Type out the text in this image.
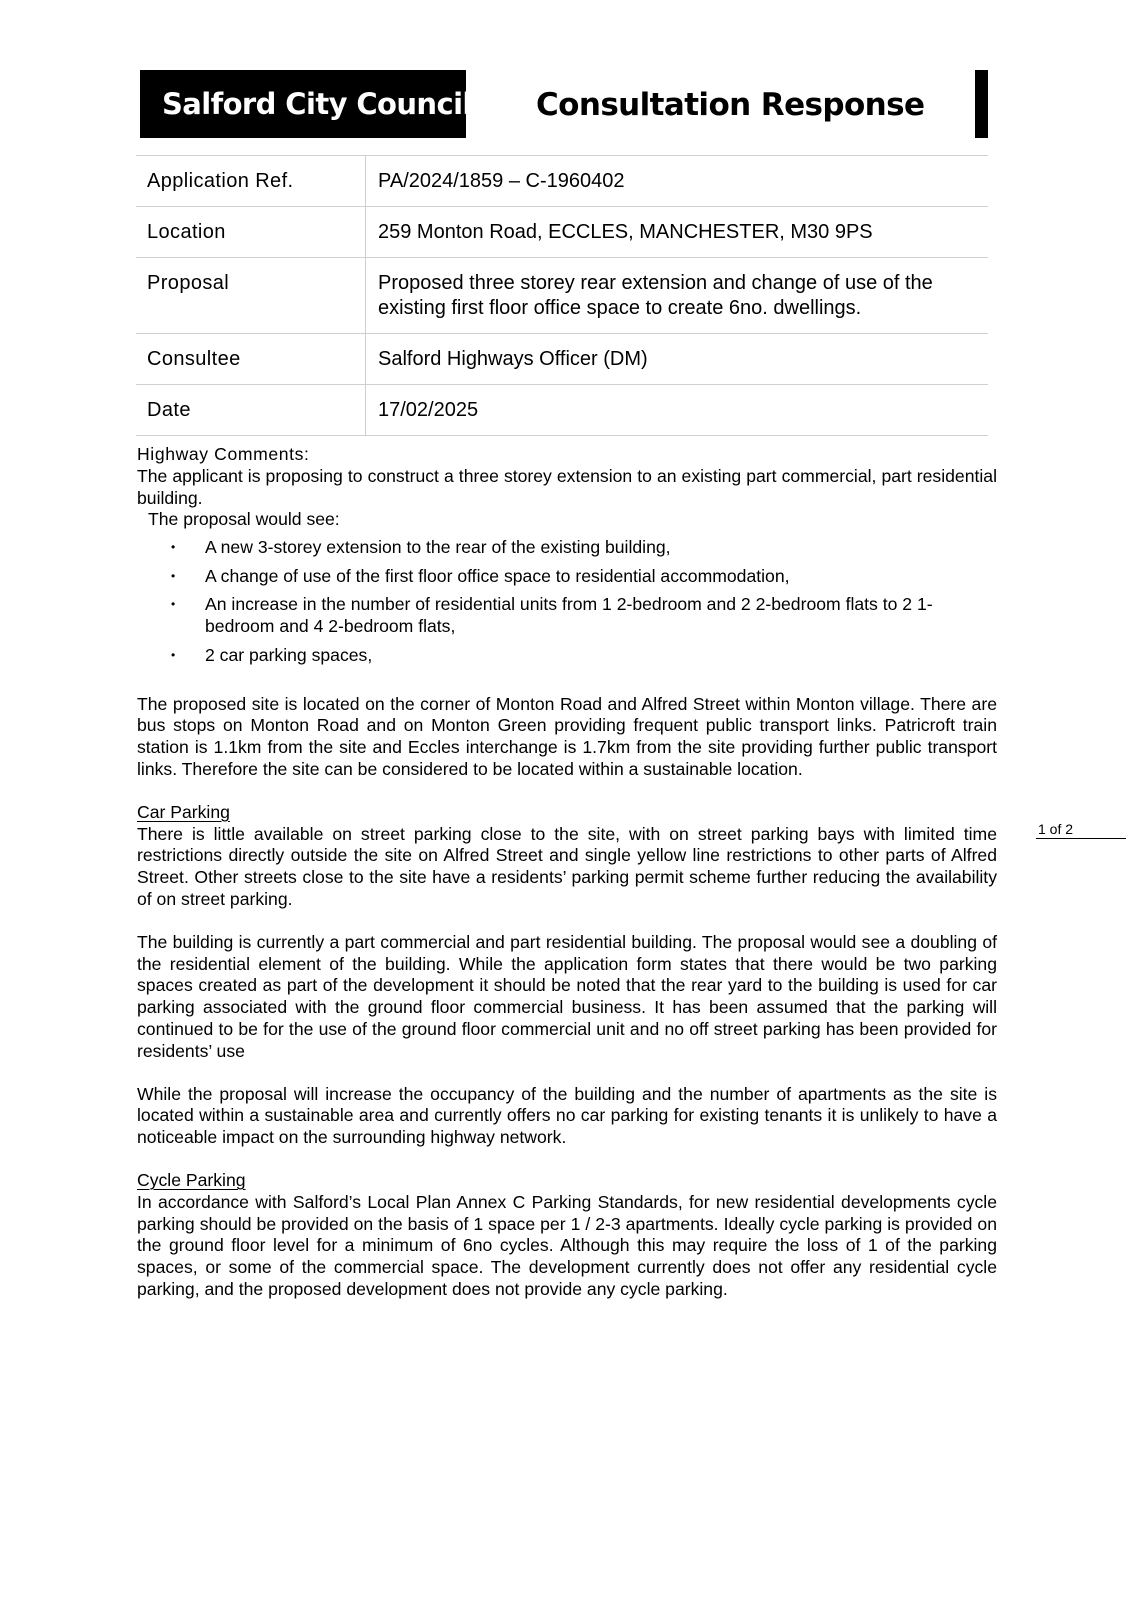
Salford City Council Consultation Response
Application Ref.	PA/2024/1859 – C-1960402
Location	259 Monton Road, ECCLES, MANCHESTER, M30 9PS
Proposal	Proposed three storey rear extension and change of use of the existing first floor office space to create 6no. dwellings.
Consultee	Salford Highways Officer (DM)
Date	17/02/2025

Highway Comments:

The applicant is proposing to construct a three storey extension to an existing part commercial, part residential building.

The proposal would see:

• A new 3-storey extension to the rear of the existing building,
• A change of use of the first floor office space to residential accommodation,
• An increase in the number of residential units from 1 2-bedroom and 2 2-bedroom flats to 2 1-bedroom and 4 2-bedroom flats,
• 2 car parking spaces,

The proposed site is located on the corner of Monton Road and Alfred Street within Monton village. There are bus stops on Monton Road and on Monton Green providing frequent public transport links. Patricroft train station is 1.1km from the site and Eccles interchange is 1.7km from the site providing further public transport links. Therefore the site can be considered to be located within a sustainable location.

Car Parking

There is little available on street parking close to the site, with on street parking bays with limited time restrictions directly outside the site on Alfred Street and single yellow line restrictions to other parts of Alfred Street. Other streets close to the site have a residents’ parking permit scheme further reducing the availability of on street parking.

The building is currently a part commercial and part residential building. The proposal would see a doubling of the residential element of the building. While the application form states that there would be two parking spaces created as part of the development it should be noted that the rear yard to the building is used for car parking associated with the ground floor commercial business. It has been assumed that the parking will continued to be for the use of the ground floor commercial unit and no off street parking has been provided for residents’ use

While the proposal will increase the occupancy of the building and the number of apartments as the site is located within a sustainable area and currently offers no car parking for existing tenants it is unlikely to have a noticeable impact on the surrounding highway network.

Cycle Parking

In accordance with Salford’s Local Plan Annex C Parking Standards, for new residential developments cycle parking should be provided on the basis of 1 space per 1 / 2-3 apartments. Ideally cycle parking is provided on the ground floor level for a minimum of 6no cycles. Although this may require the loss of 1 of the parking spaces, or some of the commercial space. The development currently does not offer any residential cycle parking, and the proposed development does not provide any cycle parking.

1 of 2
